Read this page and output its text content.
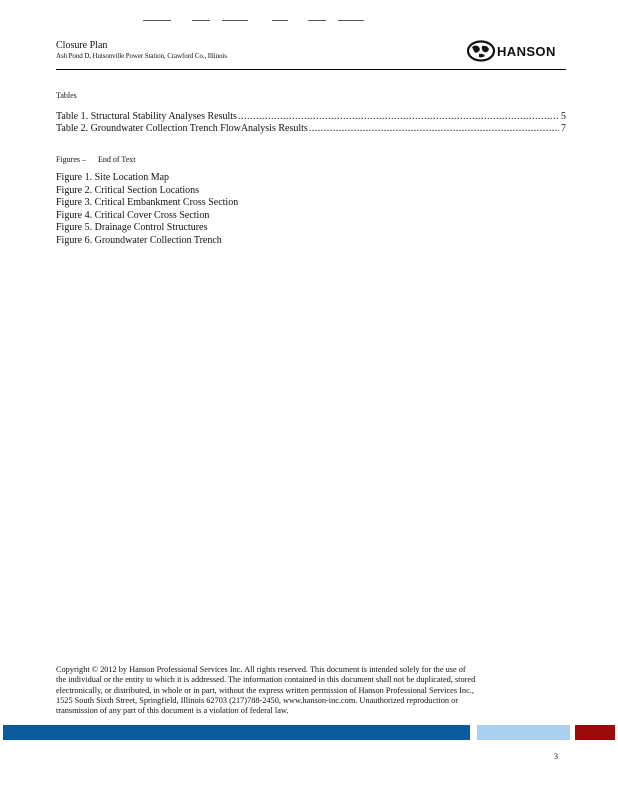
Closure Plan
Ash Pond D, Hutsonville Power Station, Crawford Co., Illinois	HANSON
Tables
Table 1. Structural Stability Analyses Results .....	5
Table 2. Groundwater Collection Trench FlowAnalysis Results .....	7
Figures – End of Text
Figure 1. Site Location Map
Figure 2. Critical Section Locations
Figure 3. Critical Embankment Cross Section
Figure 4. Critical Cover Cross Section
Figure 5. Drainage Control Structures
Figure 6. Groundwater Collection Trench
Copyright © 2012 by Hanson Professional Services Inc. All rights reserved. This document is intended solely for the use of
the individual or the entity to which it is addressed. The information contained in this document shall not be duplicated, stored
electronically, or distributed, in whole or in part, without the express written permission of Hanson Professional Services Inc.,
1525 South Sixth Street, Springfield, Illinois 62703 (217)788-2450, www.hanson-inc.com. Unauthorized reproduction or
transmission of any part of this document is a violation of federal law.
3
